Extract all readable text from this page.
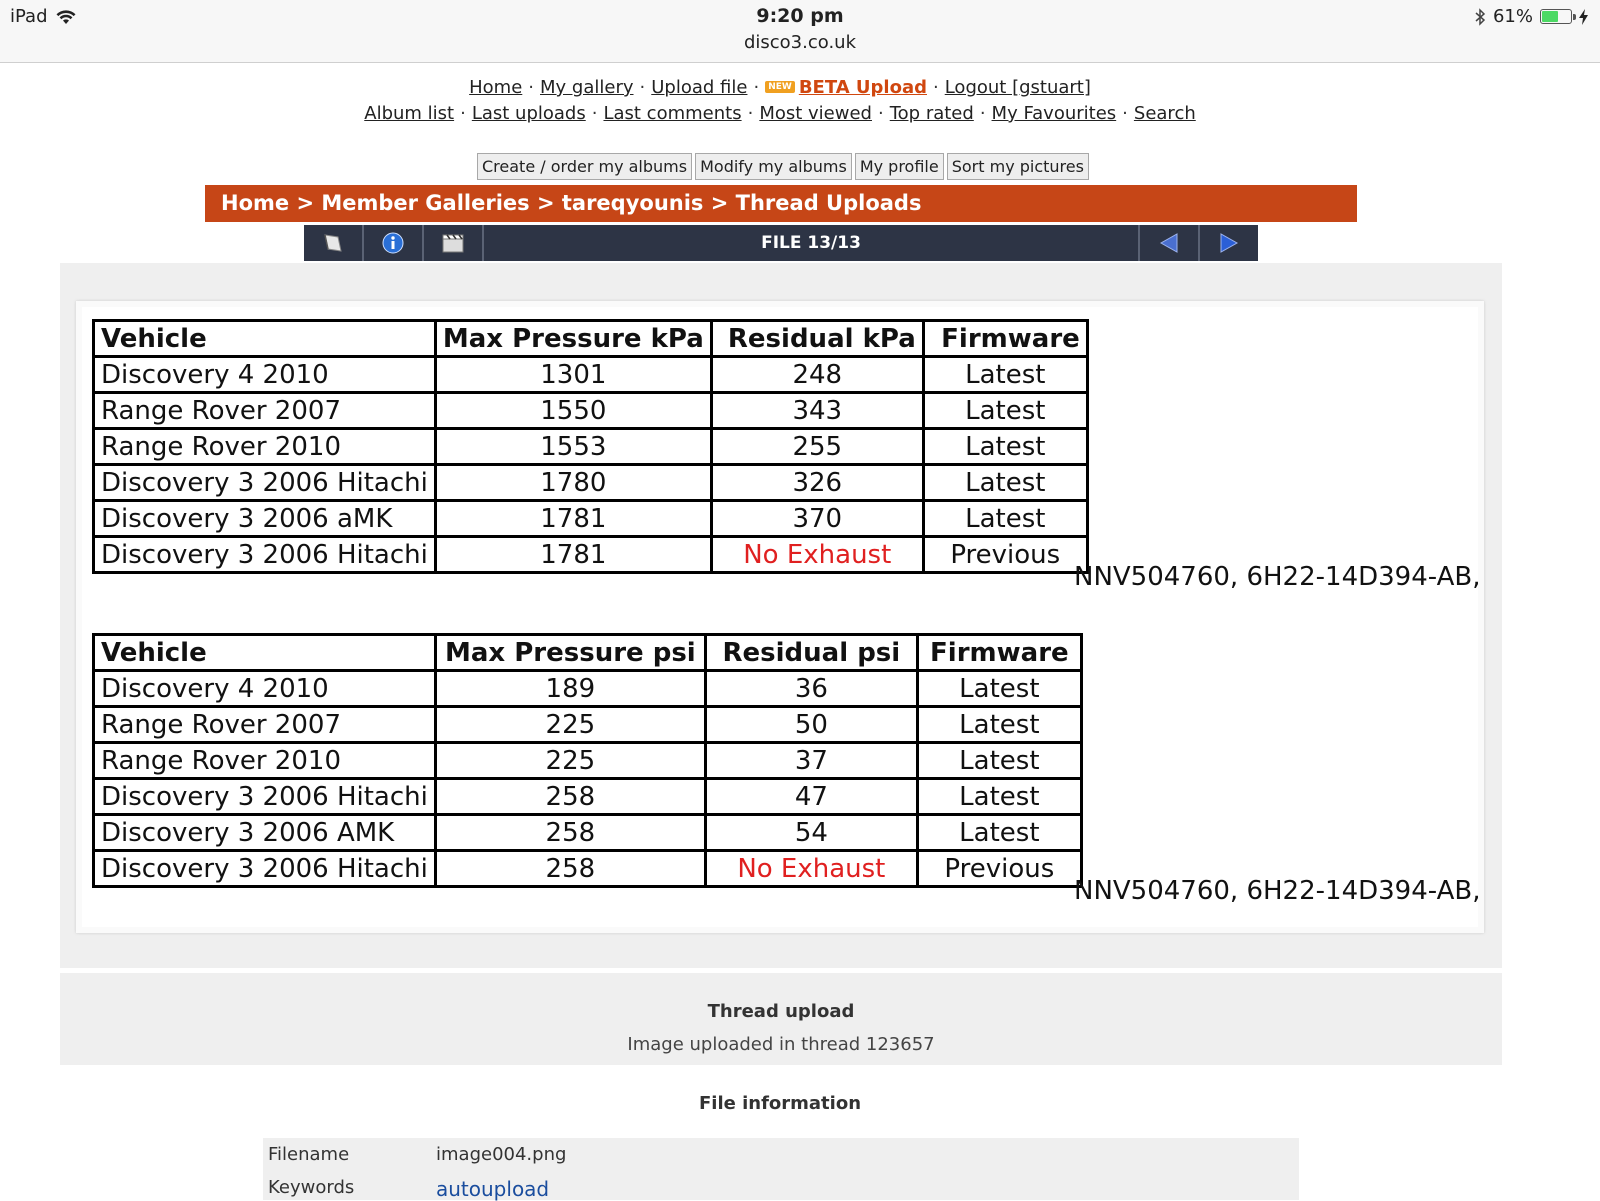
iPad	9:20 pm
disco3.co.uk
61%
Home · My gallery · Upload file · NEW BETA Upload · Logout [gstuart]
Album list · Last uploads · Last comments · Most viewed · Top rated · My Favourites · Search
Create / order my albums Modify my albums My profile Sort my pictures
Home > Member Galleries > tareqyounis > Thread Uploads
FILE 13/13
Vehicle	Max Pressure kPa	Residual kPa	Firmware
Discovery 4 2010	1301	248	Latest
Range Rover 2007	1550	343	Latest
Range Rover 2010	1553	255	Latest
Discovery 3 2006 Hitachi	1780	326	Latest
Discovery 3 2006 aMK	1781	370	Latest
Discovery 3 2006 Hitachi	1781	No Exhaust	Previous
NNV504760, 6H22-14D394-AB,
Vehicle	Max Pressure psi	Residual psi	Firmware
Discovery 4 2010	189	36	Latest
Range Rover 2007	225	50	Latest
Range Rover 2010	225	37	Latest
Discovery 3 2006 Hitachi	258	47	Latest
Discovery 3 2006 AMK	258	54	Latest
Discovery 3 2006 Hitachi	258	No Exhaust	Previous
NNV504760, 6H22-14D394-AB,
Thread upload
Image uploaded in thread 123657
File information
Filename	image004.png
Keywords	autoupload
